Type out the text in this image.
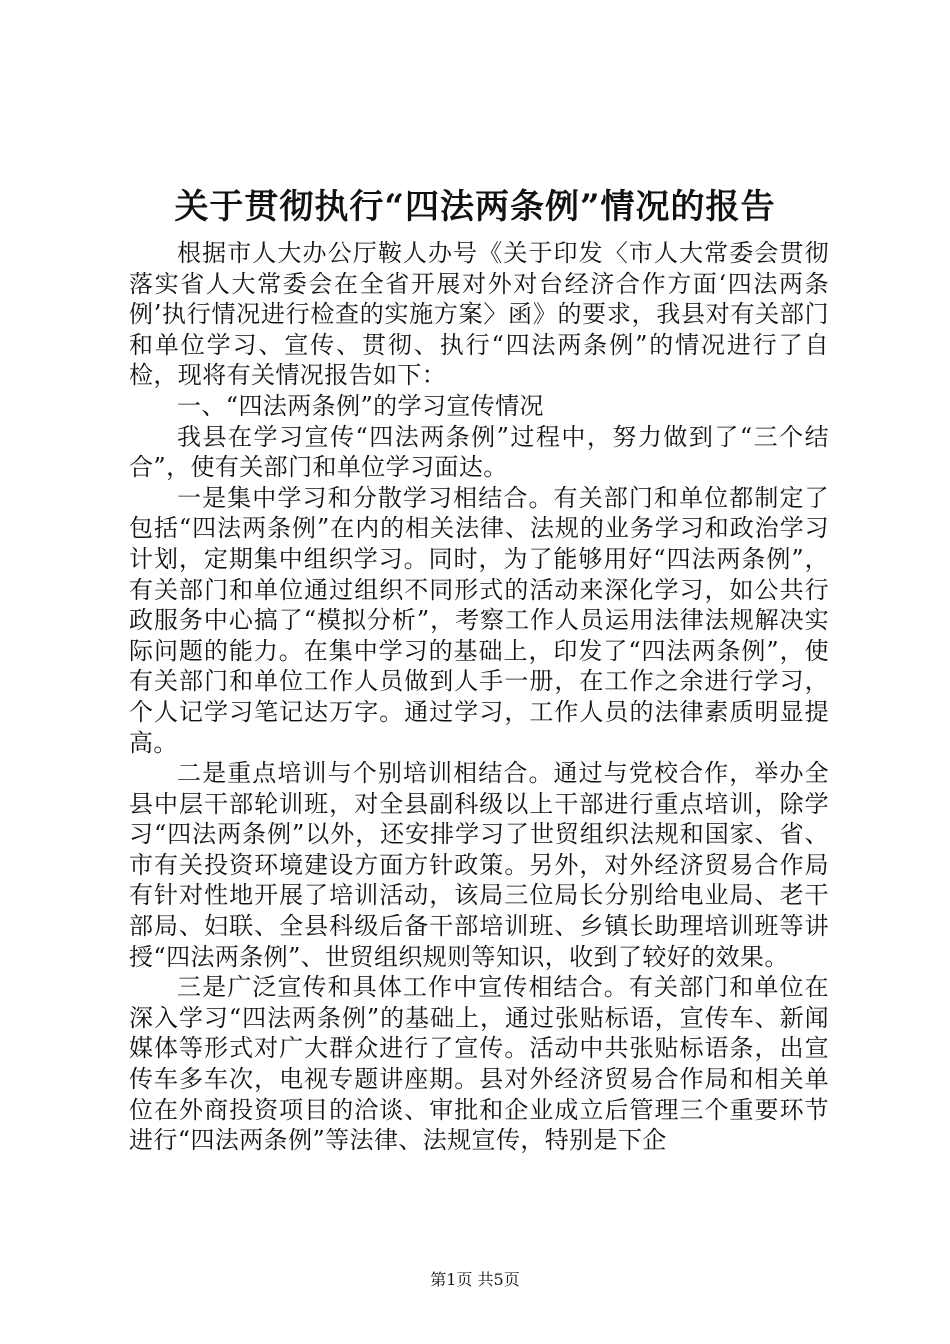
关于贯彻执行“四法两条例”情况的报告

根据市人大办公厅鞍人办号《关于印发〈市人大常委会贯彻落实省人大常委会在全省开展对外对台经济合作方面‘四法两条例’执行情况进行检查的实施方案〉函》的要求，我县对有关部门和单位学习、宣传、贯彻、执行“四法两条例”的情况进行了自检，现将有关情况报告如下：

一、“四法两条例”的学习宣传情况

我县在学习宣传“四法两条例”过程中，努力做到了“三个结合”，使有关部门和单位学习面达。

一是集中学习和分散学习相结合。有关部门和单位都制定了包括“四法两条例”在内的相关法律、法规的业务学习和政治学习计划，定期集中组织学习。同时，为了能够用好“四法两条例”，有关部门和单位通过组织不同形式的活动来深化学习，如公共行政服务中心搞了“模拟分析”，考察工作人员运用法律法规解决实际问题的能力。在集中学习的基础上，印发了“四法两条例”，使有关部门和单位工作人员做到人手一册，在工作之余进行学习，个人记学习笔记达万字。通过学习，工作人员的法律素质明显提高。

二是重点培训与个别培训相结合。通过与党校合作，举办全县中层干部轮训班，对全县副科级以上干部进行重点培训，除学习“四法两条例”以外，还安排学习了世贸组织法规和国家、省、市有关投资环境建设方面方针政策。另外，对外经济贸易合作局有针对性地开展了培训活动，该局三位局长分别给电业局、老干部局、妇联、全县科级后备干部培训班、乡镇长助理培训班等讲授“四法两条例”、世贸组织规则等知识，收到了较好的效果。

三是广泛宣传和具体工作中宣传相结合。有关部门和单位在深入学习“四法两条例”的基础上，通过张贴标语，宣传车、新闻媒体等形式对广大群众进行了宣传。活动中共张贴标语条，出宣传车多车次，电视专题讲座期。县对外经济贸易合作局和相关单位在外商投资项目的洽谈、审批和企业成立后管理三个重要环节进行“四法两条例”等法律、法规宣传，特别是下企

第1页 共5页
